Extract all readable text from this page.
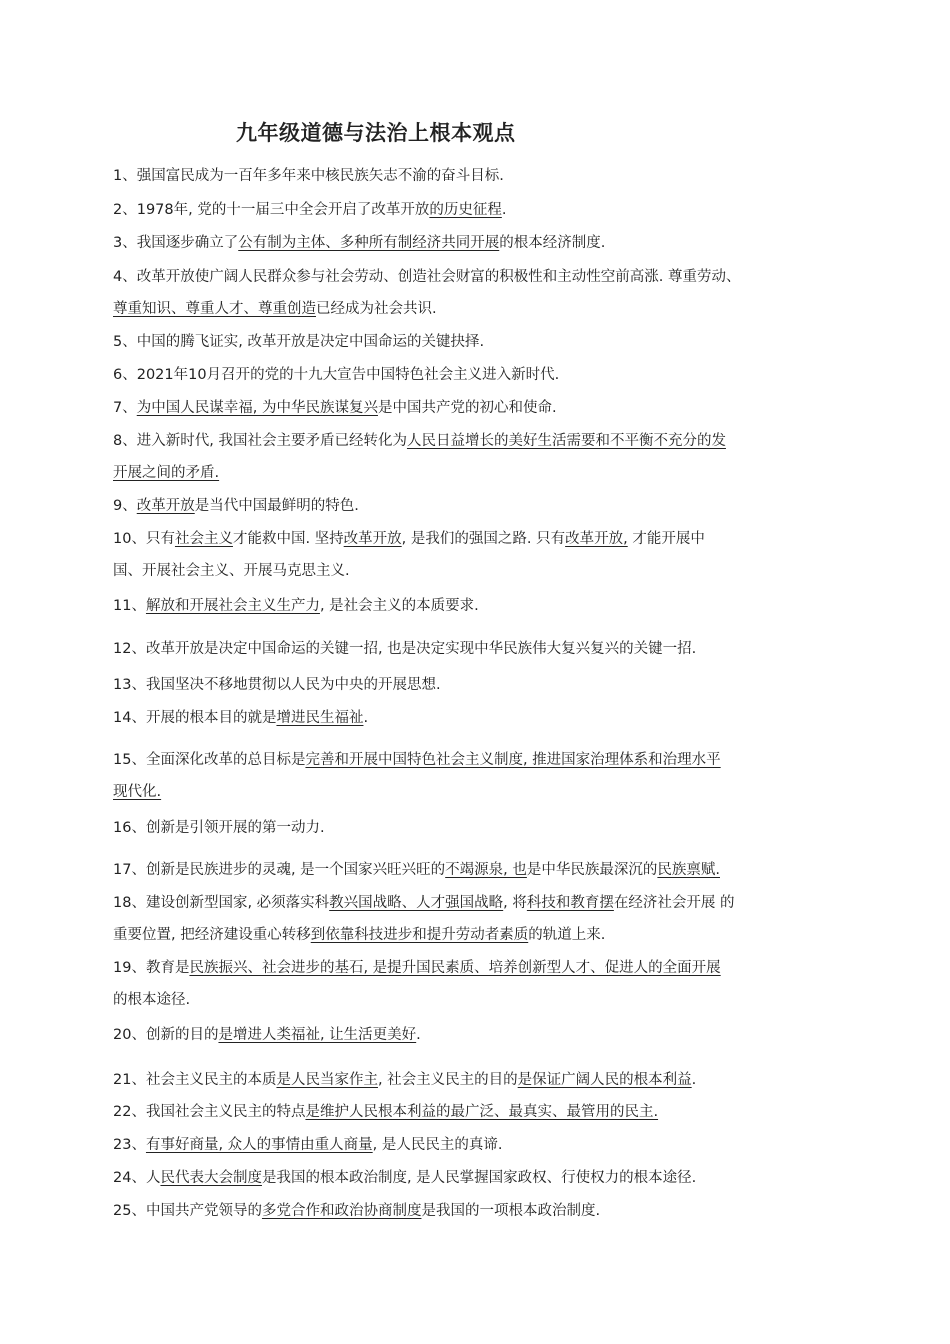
九年级道德与法治上根本观点
1、强国富民成为一百年多年来中核民族矢志不渝的奋斗目标.
2、1978年, 党的十一届三中全会开启了改革开放的历史征程.
3、我国逐步确立了公有制为主体、多种所有制经济共同开展的根本经济制度.
4、改革开放使广阔人民群众参与社会劳动、创造社会财富的积极性和主动性空前高涨. 尊重劳动、
尊重知识、尊重人才、尊重创造已经成为社会共识.
5、中国的腾飞证实, 改革开放是决定中国命运的关键抉择.
6、2021年10月召开的党的十九大宣告中国特色社会主义进入新时代.
7、为中国人民谋幸福, 为中华民族谋复兴是中国共产党的初心和使命.
8、进入新时代, 我国社会主要矛盾已经转化为人民日益增长的美好生活需要和不平衡不充分的发
开展之间的矛盾.
9、改革开放是当代中国最鲜明的特色.
10、只有社会主义才能救中国. 坚持改革开放, 是我们的强国之路. 只有改革开放, 才能开展中
国、开展社会主义、开展马克思主义.
11、解放和开展社会主义生产力, 是社会主义的本质要求.
12、改革开放是决定中国命运的关键一招, 也是决定实现中华民族伟大复兴复兴的关键一招.
13、我国坚决不移地贯彻以人民为中央的开展思想.
14、开展的根本目的就是增进民生福祉.
15、全面深化改革的总目标是完善和开展中国特色社会主义制度, 推进国家治理体系和治理水平
现代化.
16、创新是引领开展的第一动力.
17、创新是民族进步的灵魂, 是一个国家兴旺兴旺的不竭源泉, 也是中华民族最深沉的民族禀赋.
18、建设创新型国家, 必须落实科教兴国战略、人才强国战略, 将科技和教育摆在经济社会开展 的
重要位置, 把经济建设重心转移到依靠科技进步和提升劳动者素质的轨道上来.
19、教育是民族振兴、社会进步的基石, 是提升国民素质、培养创新型人才、促进人的全面开展
的根本途径.
20、创新的目的是增进人类福祉, 让生活更美好.
21、社会主义民主的本质是人民当家作主, 社会主义民主的目的是保证广阔人民的根本利益.
22、我国社会主义民主的特点是维护人民根本利益的最广泛、最真实、最管用的民主.
23、有事好商量, 众人的事情由重人商量, 是人民民主的真谛.
24、人民代表大会制度是我国的根本政治制度, 是人民掌握国家政权、行使权力的根本途径.
25、中国共产党领导的多党合作和政治协商制度是我国的一项根本政治制度.
